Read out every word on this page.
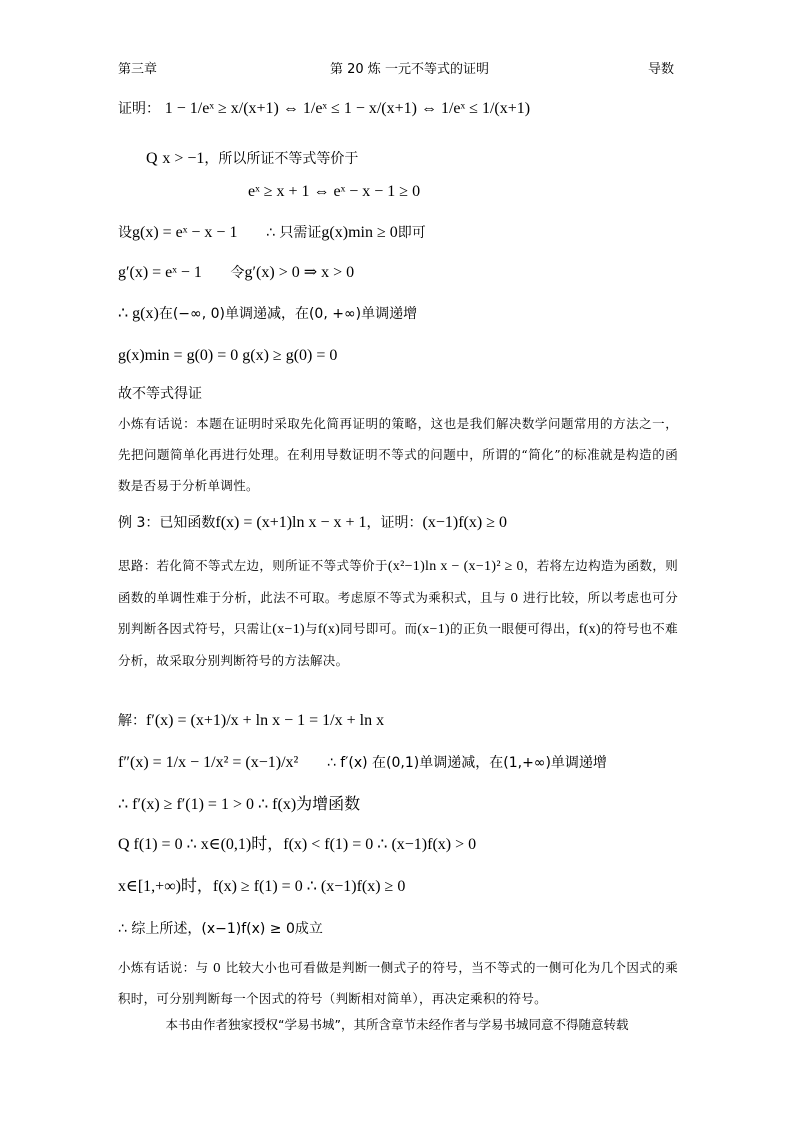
第三章	第 20 炼 一元不等式的证明	导数
证明： 1 − 1/eˣ ≥ x/(x+1) ⇔ 1/eˣ ≤ 1 − x/(x+1) ⇔ 1/eˣ ≤ 1/(x+1)
Q x > −1，所以所证不等式等价于
eˣ ≥ x + 1 ⇔ eˣ − x − 1 ≥ 0
设g(x) = eˣ − x − 1 ∴ 只需证g(x)min ≥ 0即可
g′(x) = eˣ − 1 令g′(x) > 0 ⇒ x > 0
∴ g(x)在(−∞, 0)单调递减，在(0, +∞)单调递增
g(x)min = g(0) = 0 g(x) ≥ g(0) = 0
故不等式得证
小炼有话说：本题在证明时采取先化简再证明的策略，这也是我们解决数学问题常用的方法之一，先把问题简单化再进行处理。在利用导数证明不等式的问题中，所谓的“简化”的标准就是构造的函数是否易于分析单调性。
例 3：已知函数f(x) = (x+1)ln x − x + 1，证明：(x−1)f(x) ≥ 0
思路：若化简不等式左边，则所证不等式等价于(x²−1)ln x − (x−1)² ≥ 0，若将左边构造为函数，则函数的单调性难于分析，此法不可取。考虑原不等式为乘积式，且与 0 进行比较，所以考虑也可分别判断各因式符号，只需让(x−1)与f(x)同号即可。而(x−1)的正负一眼便可得出，f(x)的符号也不难分析，故采取分别判断符号的方法解决。
解：f′(x) = (x+1)/x + ln x − 1 = 1/x + ln x
f″(x) = 1/x − 1/x² = (x−1)/x² ∴ f′(x) 在(0,1)单调递减，在(1,+∞)单调递增
∴ f′(x) ≥ f′(1) = 1 > 0 ∴ f(x)为增函数
Q f(1) = 0 ∴ x∈(0,1)时，f(x) < f(1) = 0 ∴ (x−1)f(x) > 0
x∈[1,+∞)时，f(x) ≥ f(1) = 0 ∴ (x−1)f(x) ≥ 0
∴ 综上所述，(x−1)f(x) ≥ 0成立
小炼有话说：与 0 比较大小也可看做是判断一侧式子的符号，当不等式的一侧可化为几个因式的乘积时，可分别判断每一个因式的符号（判断相对简单），再决定乘积的符号。
本书由作者独家授权“学易书城”，其所含章节未经作者与学易书城同意不得随意转载
